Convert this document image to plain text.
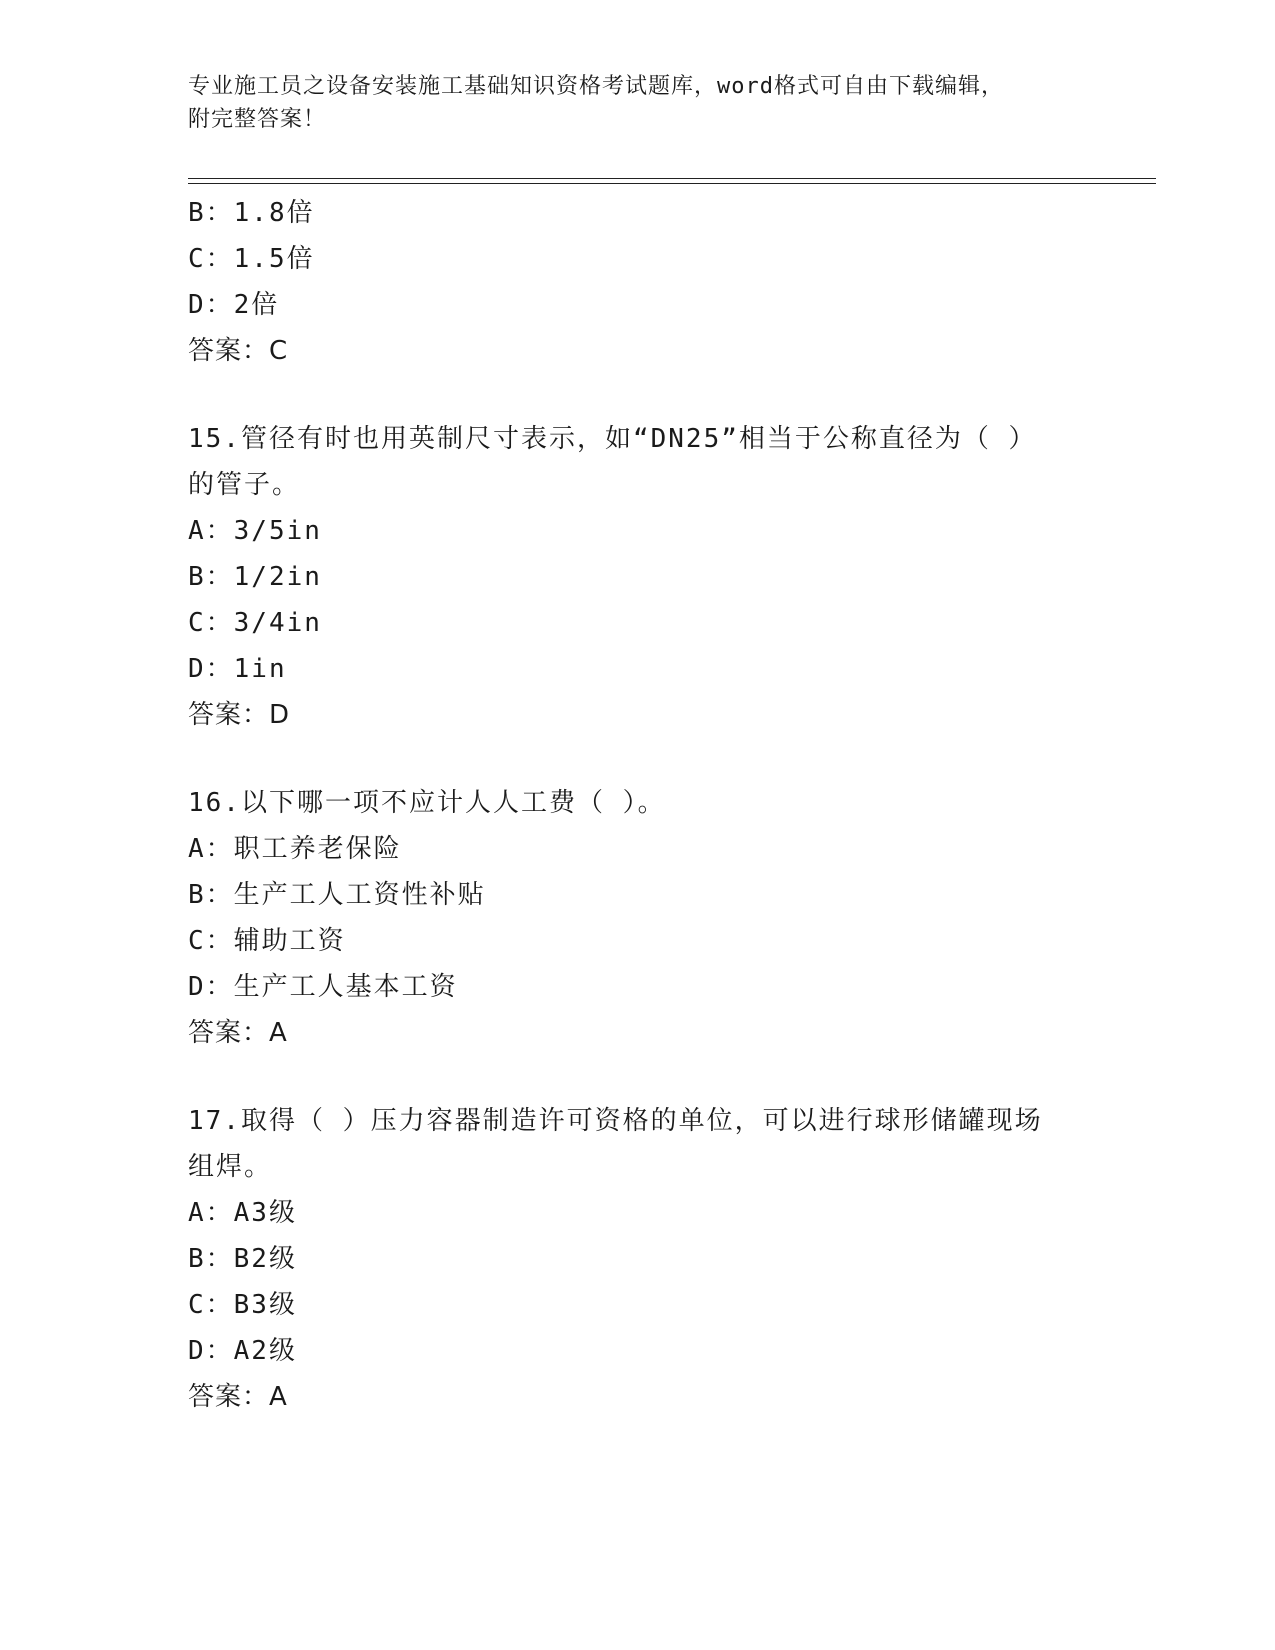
专业施工员之设备安装施工基础知识资格考试题库，word格式可自由下载编辑，
附完整答案！
B：1.8倍
C：1.5倍
D：2倍
答案：C
15.管径有时也用英制尺寸表示，如“DN25”相当于公称直径为（ ）
的管子。
A：3/5in
B：1/2in
C：3/4in
D：1in
答案：D
16.以下哪一项不应计人人工费（ ）。
A：职工养老保险
B：生产工人工资性补贴
C：辅助工资
D：生产工人基本工资
答案：A
17.取得（ ）压力容器制造许可资格的单位，可以进行球形储罐现场
组焊。
A：A3级
B：B2级
C：B3级
D：A2级
答案：A
